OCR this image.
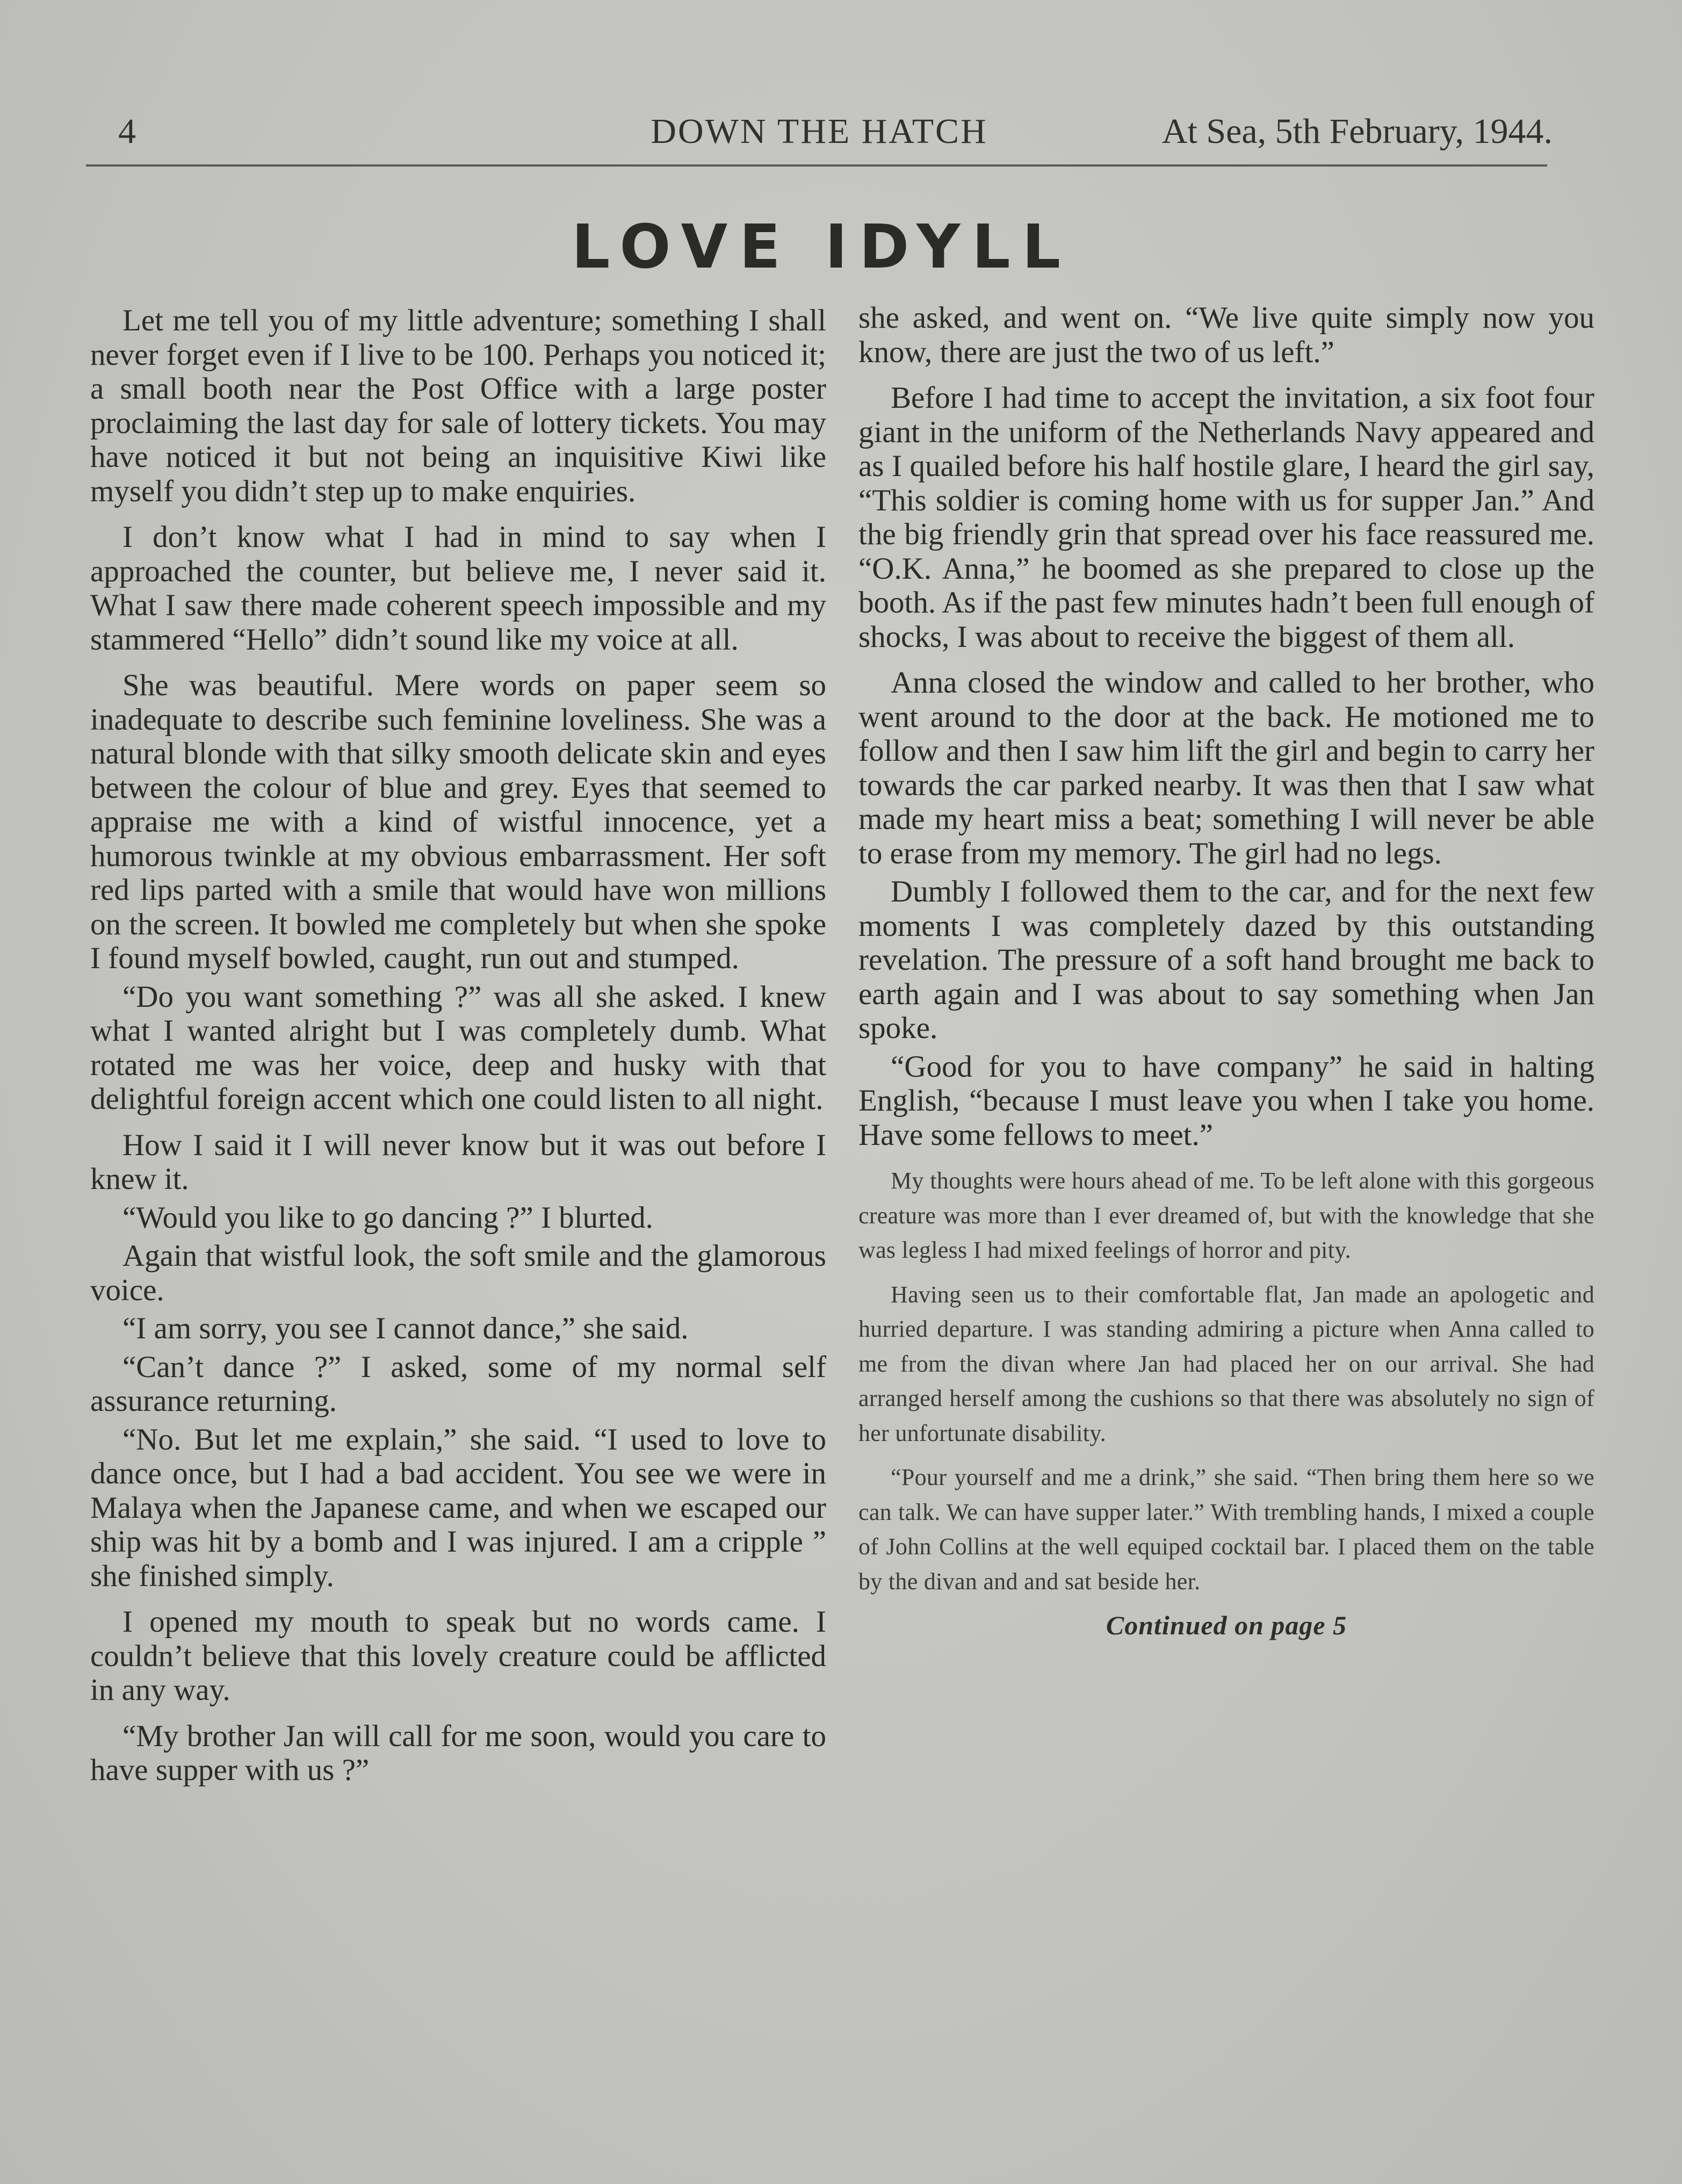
4	DOWN THE HATCH	At Sea, 5th February, 1944.
LOVE IDYLL

Let me tell you of my little adventure; something I shall never forget even if I live to be 100. Perhaps you noticed it; a small booth near the Post Office with a large poster proclaiming the last day for sale of lottery tickets. You may have noticed it but not being an inquisitive Kiwi like myself you didn’t step up to make enquiries.

I don’t know what I had in mind to say when I approached the counter, but believe me, I never said it. What I saw there made coherent speech impossible and my stammered “Hello” didn’t sound like my voice at all.

She was beautiful. Mere words on paper seem so inadequate to describe such feminine loveliness. She was a natural blonde with that silky smooth delicate skin and eyes between the colour of blue and grey. Eyes that seemed to appraise me with a kind of wistful innocence, yet a humorous twinkle at my obvious embarrassment. Her soft red lips parted with a smile that would have won millions on the screen. It bowled me completely but when she spoke I found myself bowled, caught, run out and stumped.

“Do you want something ?” was all she asked. I knew what I wanted alright but I was completely dumb. What rotated me was her voice, deep and husky with that delightful foreign accent which one could listen to all night.

How I said it I will never know but it was out before I knew it.

“Would you like to go dancing ?” I blurted.

Again that wistful look, the soft smile and the glamorous voice.

“I am sorry, you see I cannot dance,” she said.

“Can’t dance ?” I asked, some of my normal self assurance returning.

“No. But let me explain,” she said. “I used to love to dance once, but I had a bad accident. You see we were in Malaya when the Japanese came, and when we escaped our ship was hit by a bomb and I was injured. I am a cripple ” she finished simply.

I opened my mouth to speak but no words came. I couldn’t believe that this lovely creature could be afflicted in any way.

“My brother Jan will call for me soon, would you care to have supper with us ?”

she asked, and went on. “We live quite simply now you know, there are just the two of us left.”

Before I had time to accept the invitation, a six foot four giant in the uniform of the Netherlands Navy appeared and as I quailed before his half hostile glare, I heard the girl say, “This soldier is coming home with us for supper Jan.” And the big friendly grin that spread over his face reassured me. “O.K. Anna,” he boomed as she prepared to close up the booth. As if the past few minutes hadn’t been full enough of shocks, I was about to receive the biggest of them all.

Anna closed the window and called to her brother, who went around to the door at the back. He motioned me to follow and then I saw him lift the girl and begin to carry her towards the car parked nearby. It was then that I saw what made my heart miss a beat; something I will never be able to erase from my memory. The girl had no legs.

Dumbly I followed them to the car, and for the next few moments I was completely dazed by this outstanding revelation. The pressure of a soft hand brought me back to earth again and I was about to say something when Jan spoke.

“Good for you to have company” he said in halting English, “because I must leave you when I take you home. Have some fellows to meet.”

My thoughts were hours ahead of me. To be left alone with this gorgeous creature was more than I ever dreamed of, but with the knowledge that she was legless I had mixed feelings of horror and pity.

Having seen us to their comfortable flat, Jan made an apologetic and hurried departure. I was standing admiring a picture when Anna called to me from the divan where Jan had placed her on our arrival. She had arranged herself among the cushions so that there was absolutely no sign of her unfortunate disability.

“Pour yourself and me a drink,” she said. “Then bring them here so we can talk. We can have supper later.” With trembling hands, I mixed a couple of John Collins at the well equiped cocktail bar. I placed them on the table by the divan and and sat beside her.

Continued on page 5
